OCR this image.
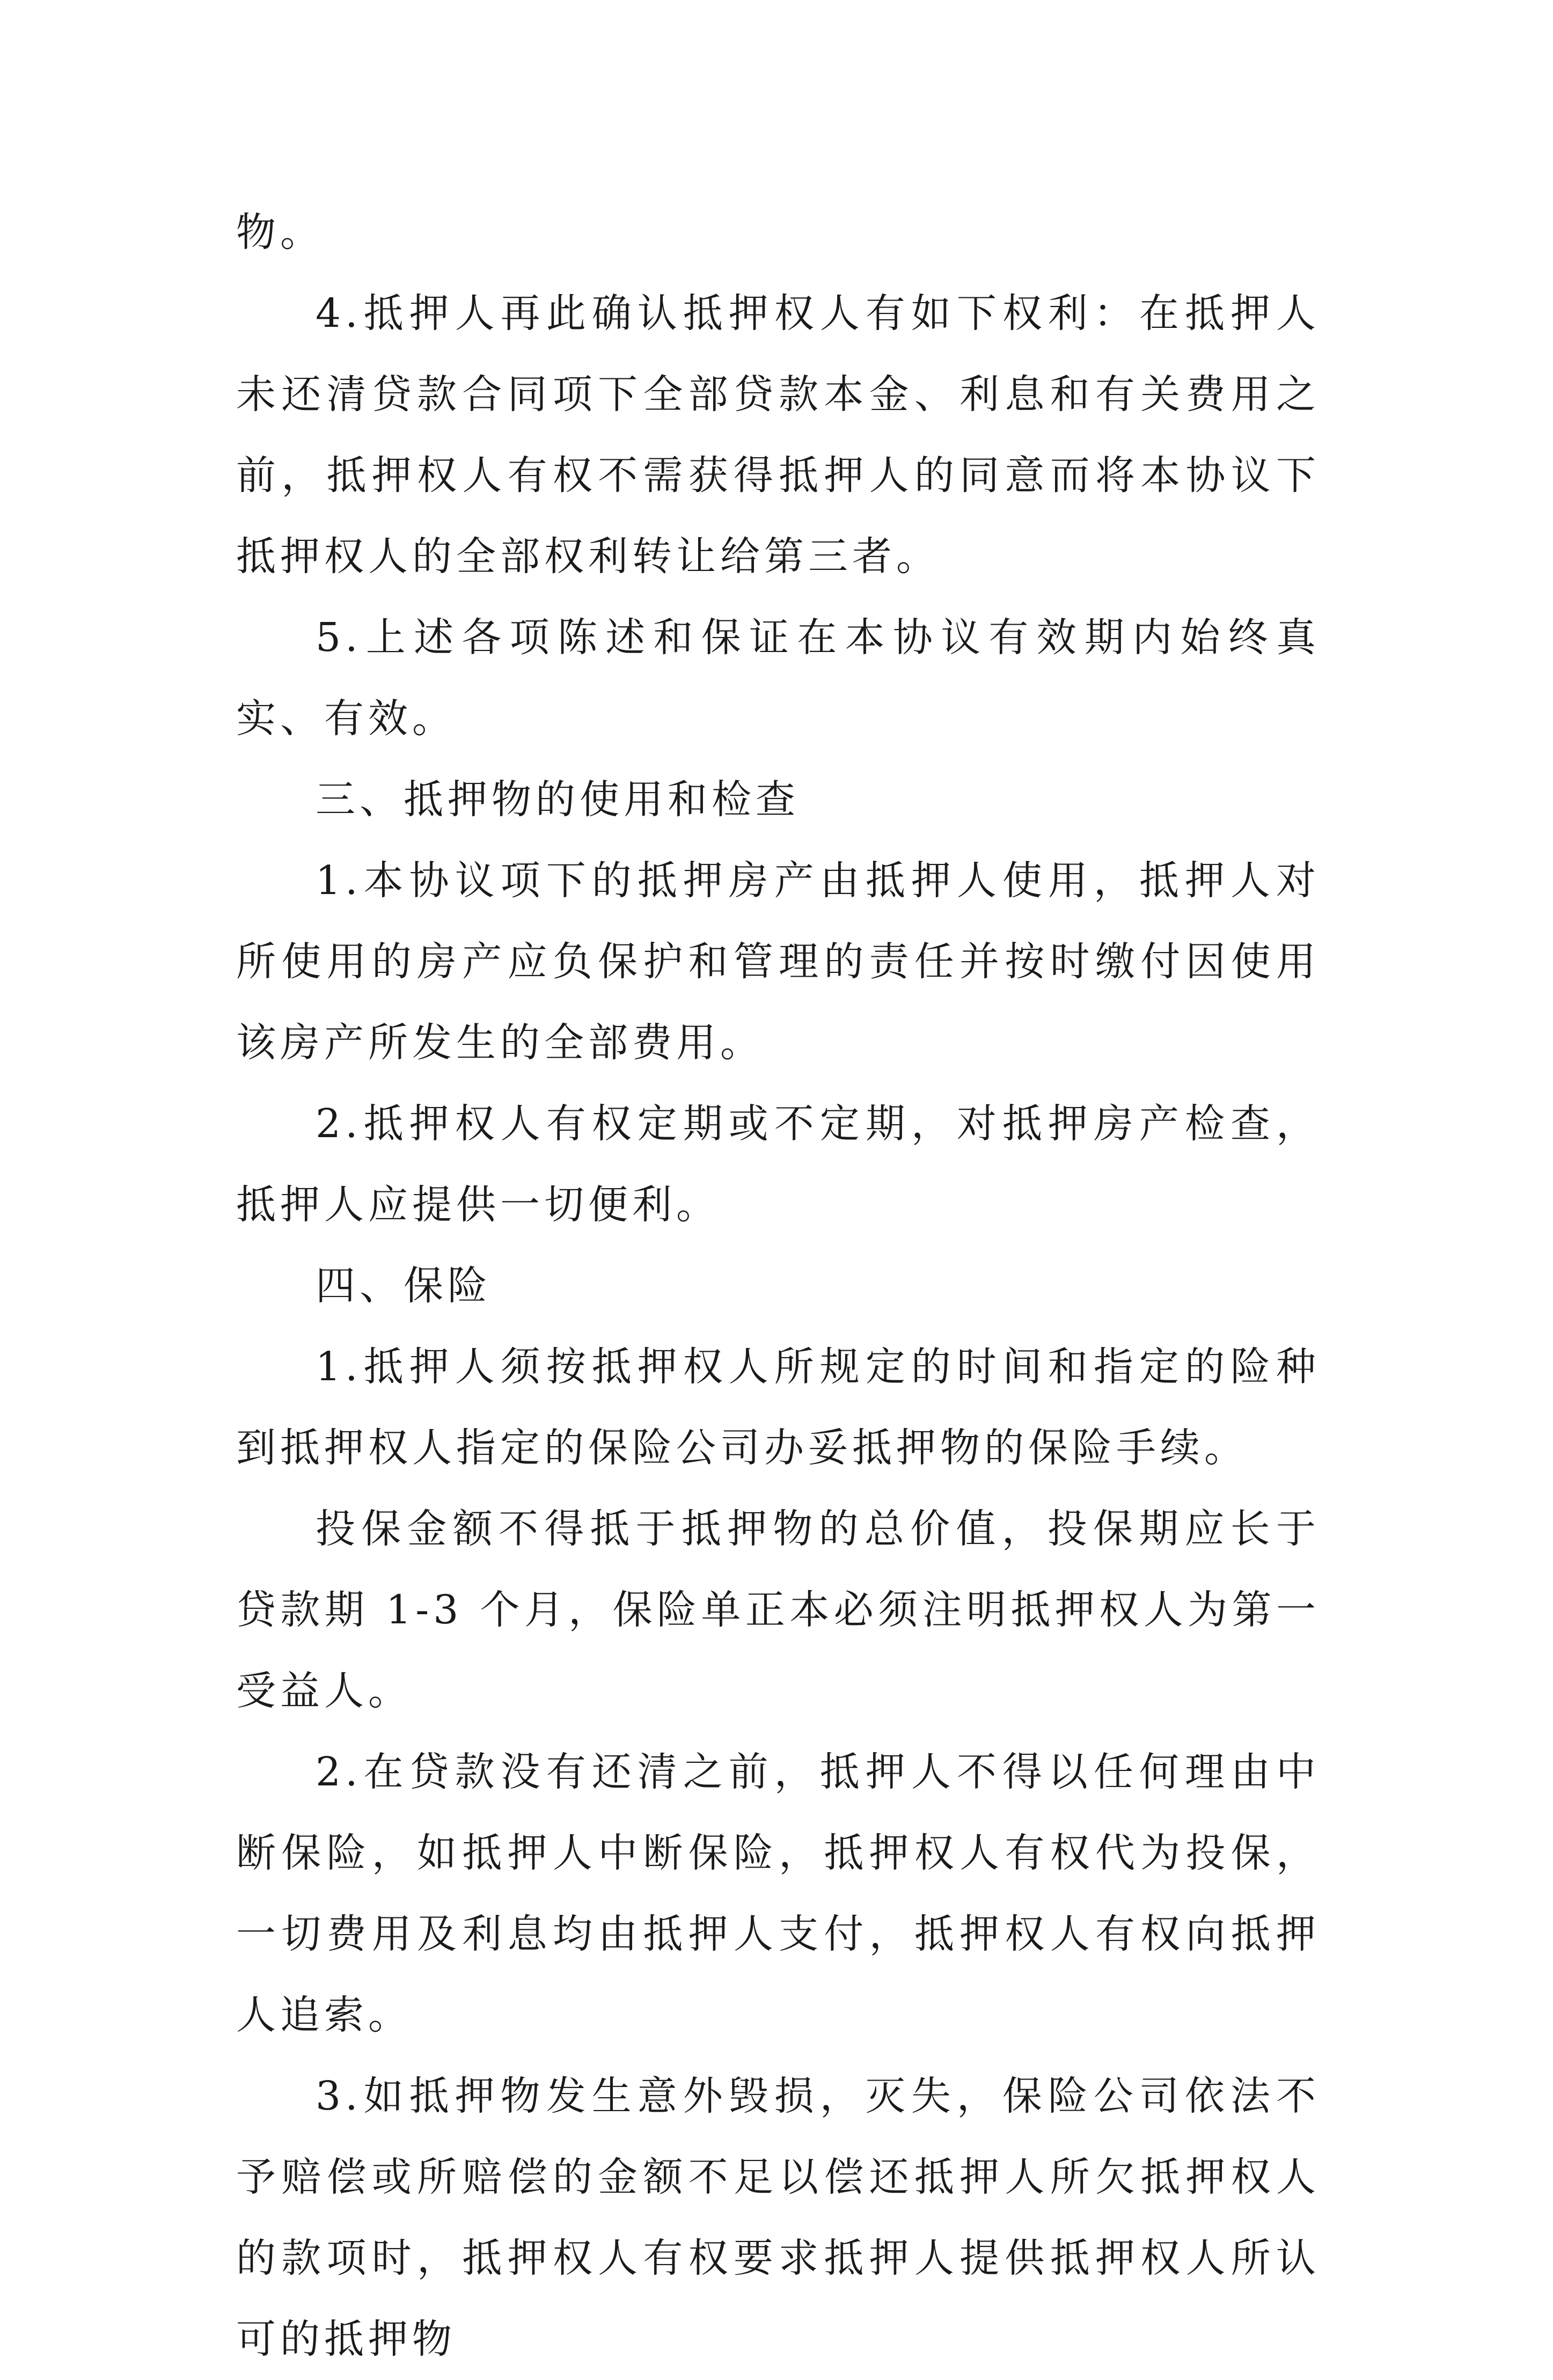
物。

4.抵押人再此确认抵押权人有如下权利：在抵押人未还清贷款合同项下全部贷款本金、利息和有关费用之前，抵押权人有权不需获得抵押人的同意而将本协议下抵押权人的全部权利转让给第三者。

5.上述各项陈述和保证在本协议有效期内始终真实、有效。

三、抵押物的使用和检查

1.本协议项下的抵押房产由抵押人使用，抵押人对所使用的房产应负保护和管理的责任并按时缴付因使用该房产所发生的全部费用。

2.抵押权人有权定期或不定期，对抵押房产检查，抵押人应提供一切便利。

四、保险

1.抵押人须按抵押权人所规定的时间和指定的险种到抵押权人指定的保险公司办妥抵押物的保险手续。

投保金额不得抵于抵押物的总价值，投保期应长于贷款期 1-3 个月，保险单正本必须注明抵押权人为第一受益人。

2.在贷款没有还清之前，抵押人不得以任何理由中断保险，如抵押人中断保险，抵押权人有权代为投保，一切费用及利息均由抵押人支付，抵押权人有权向抵押人追索。

3.如抵押物发生意外毁损，灭失，保险公司依法不予赔偿或所赔偿的金额不足以偿还抵押人所欠抵押权人的款项时，抵押权人有权要求抵押人提供抵押权人所认可的抵押物
